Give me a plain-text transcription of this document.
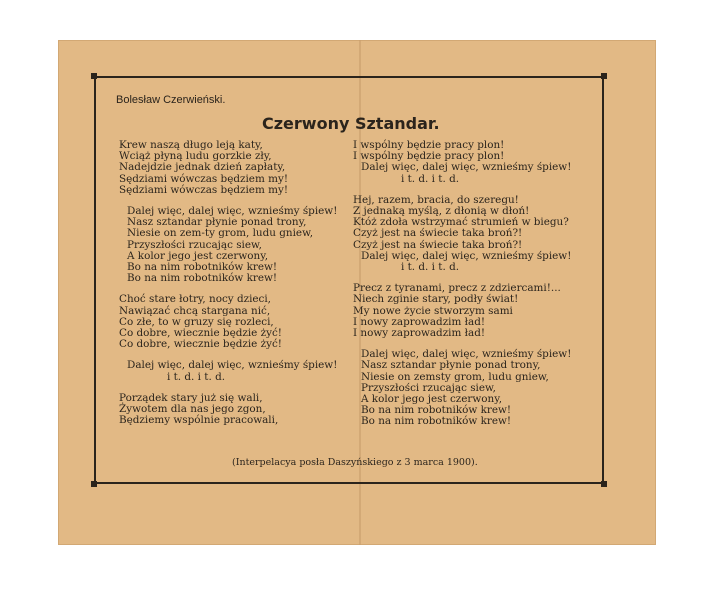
Bolesław Czerwieński.
Czerwony Sztandar.
Krew naszą długo leją katy,
Wciąż płyną ludu gorzkie zły,
Nadejdzie jednak dzień zapłaty,
Sędziami wówczas będziem my!
Sędziami wówczas będziem my!
Dalej więc, dalej więc, wznieśmy śpiew!
Nasz sztandar płynie ponad trony,
Niesie on zem-ty grom, ludu gniew,
Przyszłości rzucając siew,
A kolor jego jest czerwony,
Bo na nim robotników krew!
Bo na nim robotników krew!
Choć stare łotry, nocy dzieci,
Nawiązać chcą stargana nić,
Co złe, to w gruzy się rozleci,
Co dobre, wiecznie będzie żyć!
Co dobre, wiecznie będzie żyć!
Dalej więc, dalej więc, wznieśmy śpiew!
i t. d. i t. d.
Porządek stary już się wali,
Żywotem dla nas jego zgon,
Będziemy wspólnie pracowali,
I wspólny będzie pracy plon!
I wspólny będzie pracy plon!
Dalej więc, dalej więc, wznieśmy śpiew!
i t. d. i t. d.
Hej, razem, bracia, do szeregu!
Z jednaką myślą, z dłonią w dłoń!
Któż zdoła wstrzymać strumień w biegu?
Czyż jest na świecie taka broń?!
Czyż jest na świecie taka broń?!
Dalej więc, dalej więc, wznieśmy śpiew!
i t. d. i t. d.
Precz z tyranami, precz z zdziercami!...
Niech zginie stary, podły świat!
My nowe życie stworzym sami
I nowy zaprowadzim ład!
I nowy zaprowadzim ład!
Dalej więc, dalej więc, wznieśmy śpiew!
Nasz sztandar płynie ponad trony,
Niesie on zemsty grom, ludu gniew,
Przyszłości rzucając siew,
A kolor jego jest czerwony,
Bo na nim robotników krew!
Bo na nim robotników krew!
(Interpelacya posła Daszyńskiego z 3 marca 1900).
